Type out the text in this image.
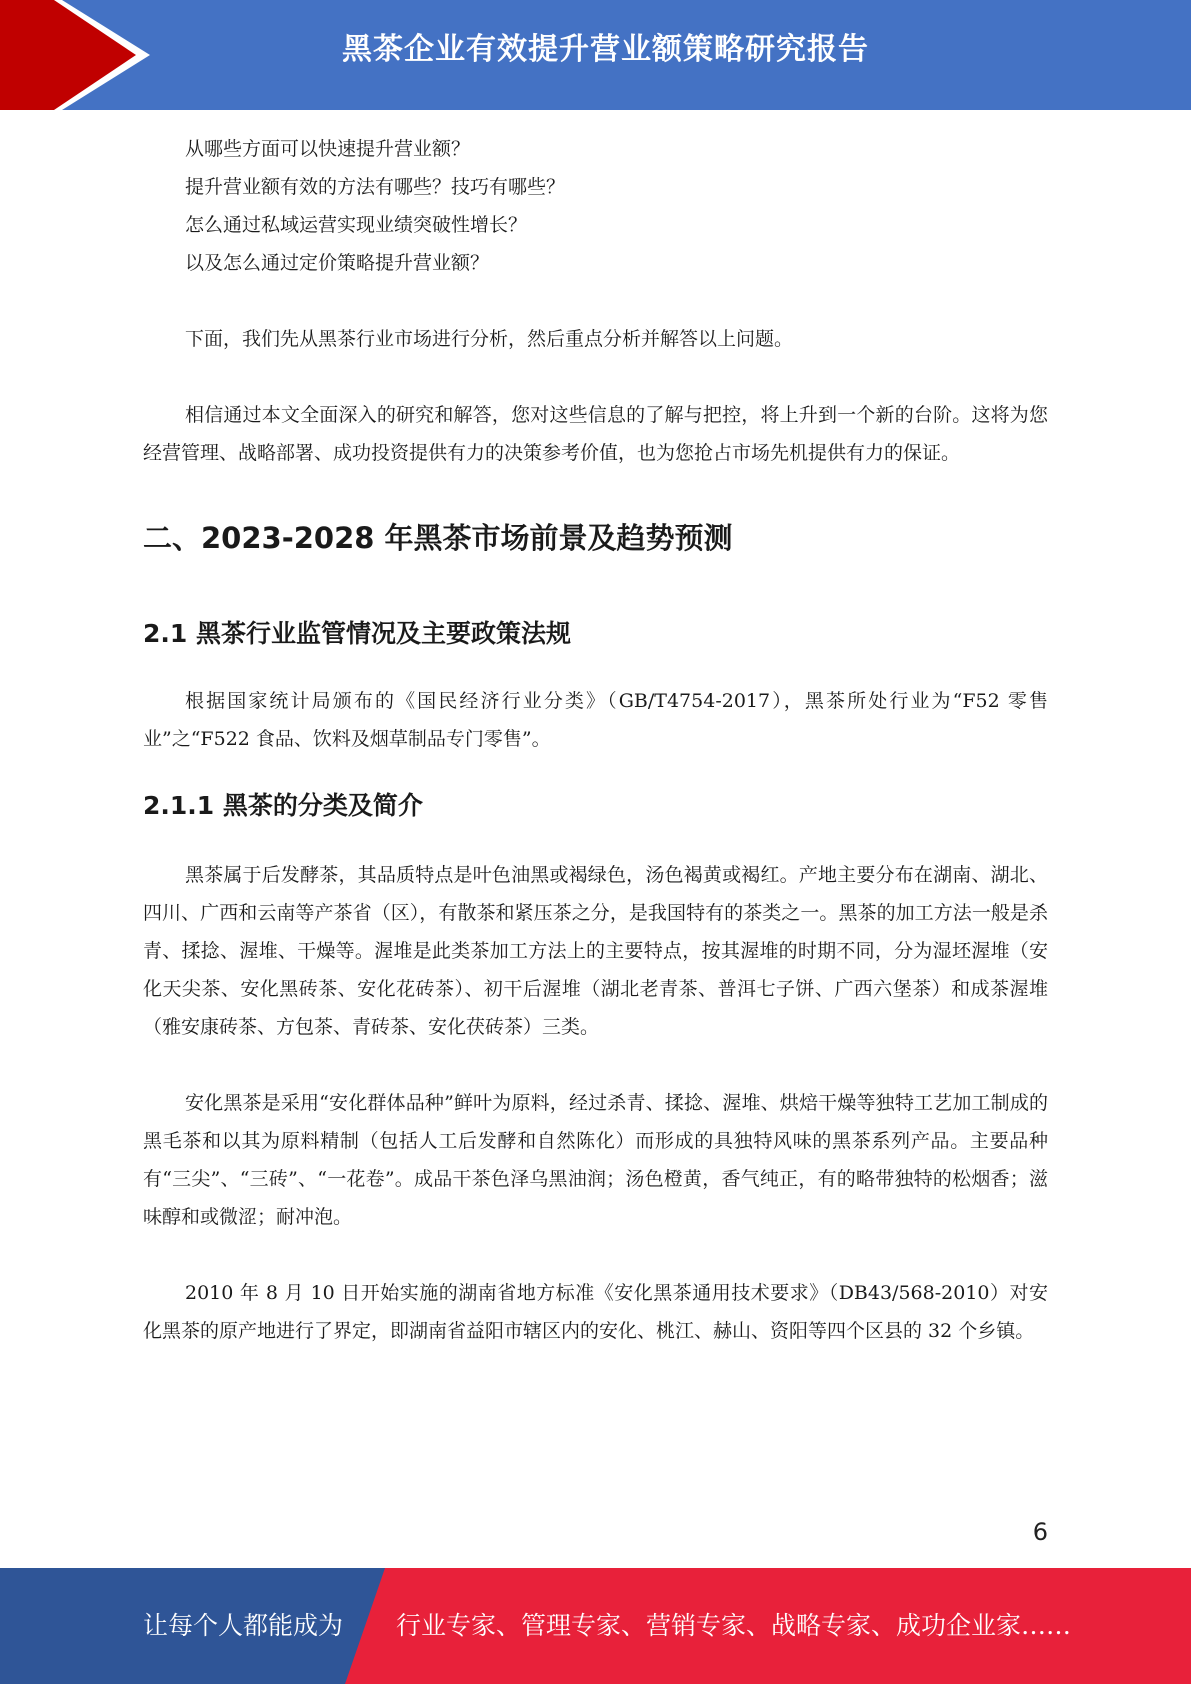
黑茶企业有效提升营业额策略研究报告

从哪些方面可以快速提升营业额？

提升营业额有效的方法有哪些？技巧有哪些？

怎么通过私域运营实现业绩突破性增长？

以及怎么通过定价策略提升营业额？

下面，我们先从黑茶行业市场进行分析，然后重点分析并解答以上问题。

相信通过本文全面深入的研究和解答，您对这些信息的了解与把控，将上升到一个新的台阶。这将为您经营管理、战略部署、成功投资提供有力的决策参考价值，也为您抢占市场先机提供有力的保证。

二、2023-2028 年黑茶市场前景及趋势预测
2.1 黑茶行业监管情况及主要政策法规

根据国家统计局颁布的《国民经济行业分类》（GB/T4754-2017），黑茶所处行业为“F52 零售业”之“F522 食品、饮料及烟草制品专门零售”。

2.1.1 黑茶的分类及简介

黑茶属于后发酵茶，其品质特点是叶色油黑或褐绿色，汤色褐黄或褐红。产地主要分布在湖南、湖北、四川、广西和云南等产茶省（区），有散茶和紧压茶之分，是我国特有的茶类之一。黑茶的加工方法一般是杀青、揉捻、渥堆、干燥等。渥堆是此类茶加工方法上的主要特点，按其渥堆的时期不同，分为湿坯渥堆（安化天尖茶、安化黑砖茶、安化花砖茶）、初干后渥堆（湖北老青茶、普洱七子饼、广西六堡茶）和成茶渥堆（雅安康砖茶、方包茶、青砖茶、安化茯砖茶）三类。

安化黑茶是采用“安化群体品种”鲜叶为原料，经过杀青、揉捻、渥堆、烘焙干燥等独特工艺加工制成的黑毛茶和以其为原料精制（包括人工后发酵和自然陈化）而形成的具独特风味的黑茶系列产品。主要品种有“三尖”、“三砖”、“一花卷”。成品干茶色泽乌黑油润；汤色橙黄，香气纯正，有的略带独特的松烟香；滋味醇和或微涩；耐冲泡。

2010 年 8 月 10 日开始实施的湖南省地方标准《安化黑茶通用技术要求》（DB43/568-2010）对安化黑茶的原产地进行了界定，即湖南省益阳市辖区内的安化、桃江、赫山、资阳等四个区县的 32 个乡镇。

6
让每个人都能成为 行业专家、管理专家、营销专家、战略专家、成功企业家……
